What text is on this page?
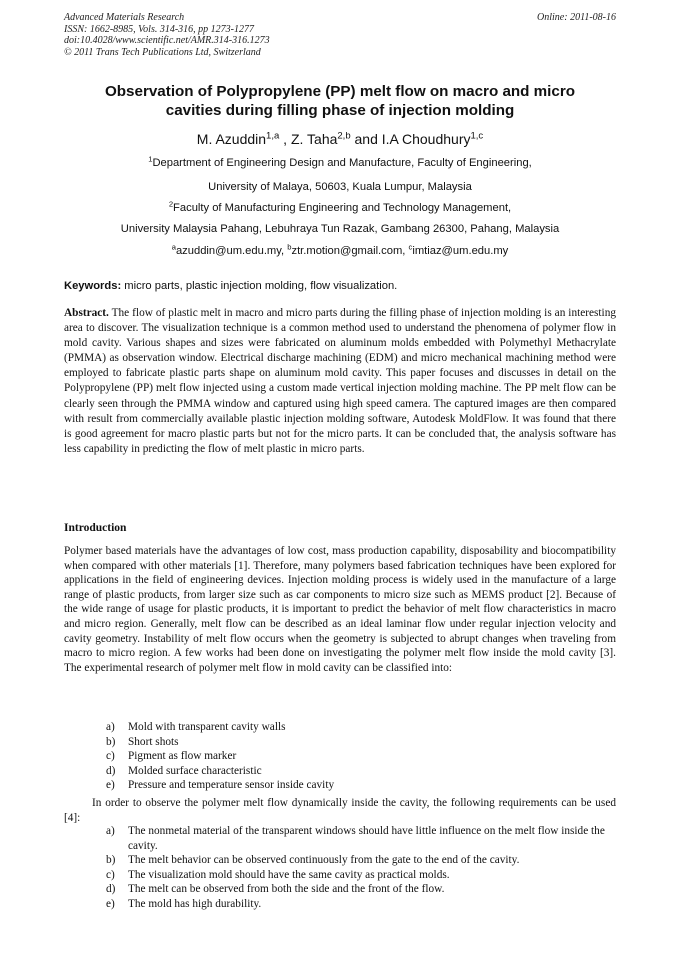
Advanced Materials Research	Online: 2011-08-16

ISSN: 1662-8985, Vols. 314-316, pp 1273-1277
doi:10.4028/www.scientific.net/AMR.314-316.1273
© 2011 Trans Tech Publications Ltd, Switzerland
Observation of Polypropylene (PP) melt flow on macro and micro
cavities during filling phase of injection molding
M. Azuddin$^{1,a}$ , Z. Taha$^{2,b}$ and I.A Choudhury$^{1,c}$
$^1$Department of Engineering Design and Manufacture, Faculty of Engineering,
University of Malaya, 50603, Kuala Lumpur, Malaysia
$^2$Faculty of Manufacturing Engineering and Technology Management,
University Malaysia Pahang, Lebuhraya Tun Razak, Gambang 26300, Pahang, Malaysia
$^a$azuddin@um.edu.my, $^b$ztr.motion@gmail.com, $^c$imtiaz@um.edu.my
Keywords: micro parts, plastic injection molding, flow visualization.
Abstract. The flow of plastic melt in macro and micro parts during the filling phase of injection molding is an interesting area to discover. The visualization technique is a common method used to understand the phenomena of polymer flow in mold cavity. Various shapes and sizes were fabricated on aluminum molds embedded with Polymethyl Methacrylate (PMMA) as observation window. Electrical discharge machining (EDM) and micro mechanical machining method were employed to fabricate plastic parts shape on aluminum mold cavity. This paper focuses and discusses in detail on the Polypropylene (PP) melt flow injected using a custom made vertical injection molding machine. The PP melt flow can be clearly seen through the PMMA window and captured using high speed camera. The captured images are then compared with result from commercially available plastic injection molding software, Autodesk MoldFlow. It was found that there is good agreement for macro plastic parts but not for the micro parts. It can be concluded that, the analysis software has less capability in predicting the flow of melt plastic in micro parts.
Introduction
Polymer based materials have the advantages of low cost, mass production capability, disposability and biocompatibility when compared with other materials [1]. Therefore, many polymers based fabrication techniques have been explored for applications in the field of engineering devices. Injection molding process is widely used in the manufacture of a large range of plastic products, from larger size such as car components to micro size such as MEMS product [2]. Because of the wide range of usage for plastic products, it is important to predict the behavior of melt flow characteristics in macro and micro region. Generally, melt flow can be described as an ideal laminar flow under regular injection velocity and cavity geometry. Instability of melt flow occurs when the geometry is subjected to abrupt changes when traveling from macro to micro region. A few works had been done on investigating the polymer melt flow inside the mold cavity [3]. The experimental research of polymer melt flow in mold cavity can be classified into:
a) Mold with transparent cavity walls
b) Short shots
c) Pigment as flow marker
d) Molded surface characteristic
e) Pressure and temperature sensor inside cavity
In order to observe the polymer melt flow dynamically inside the cavity, the following requirements can be used [4]:
a) The nonmetal material of the transparent windows should have little influence on the melt flow inside the cavity.
b) The melt behavior can be observed continuously from the gate to the end of the cavity.
c) The visualization mold should have the same cavity as practical molds.
d) The melt can be observed from both the side and the front of the flow.
e) The mold has high durability.
